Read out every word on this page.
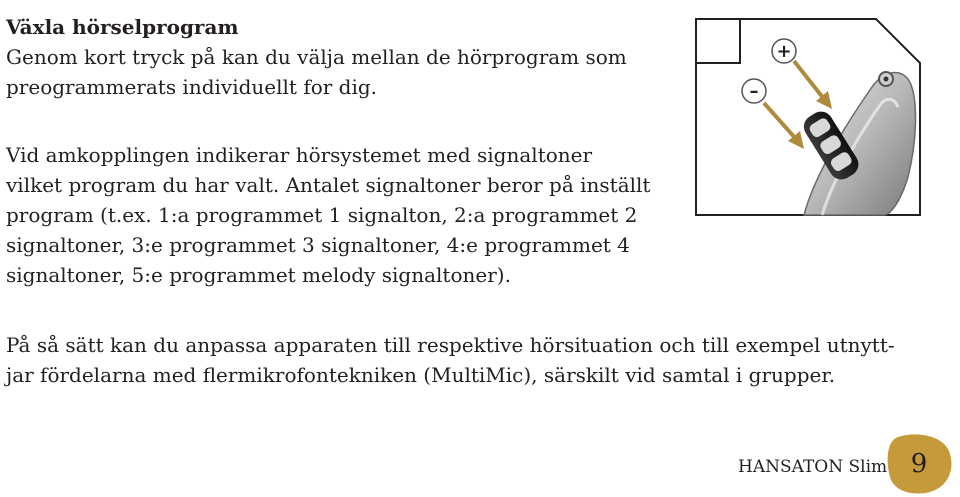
Växla hörselprogram

Genom kort tryck på kan du välja mellan de hörprogram som
preogrammerats individuellt for dig.

Vid amkopplingen indikerar hörsystemet med signaltoner
vilket program du har valt. Antalet signaltoner beror på inställt
program (t.ex. 1:a programmet 1 signalton, 2:a programmet 2
signaltoner, 3:e programmet 3 signaltoner, 4:e programmet 4
signaltoner, 5:e programmet melody signaltoner).

På så sätt kan du anpassa apparaten till respektive hörsituation och till exempel utnytt-
jar fördelarna med flermikrofontekniken (MultiMic), särskilt vid samtal i grupper.

+
–
HANSATON Slim 9
